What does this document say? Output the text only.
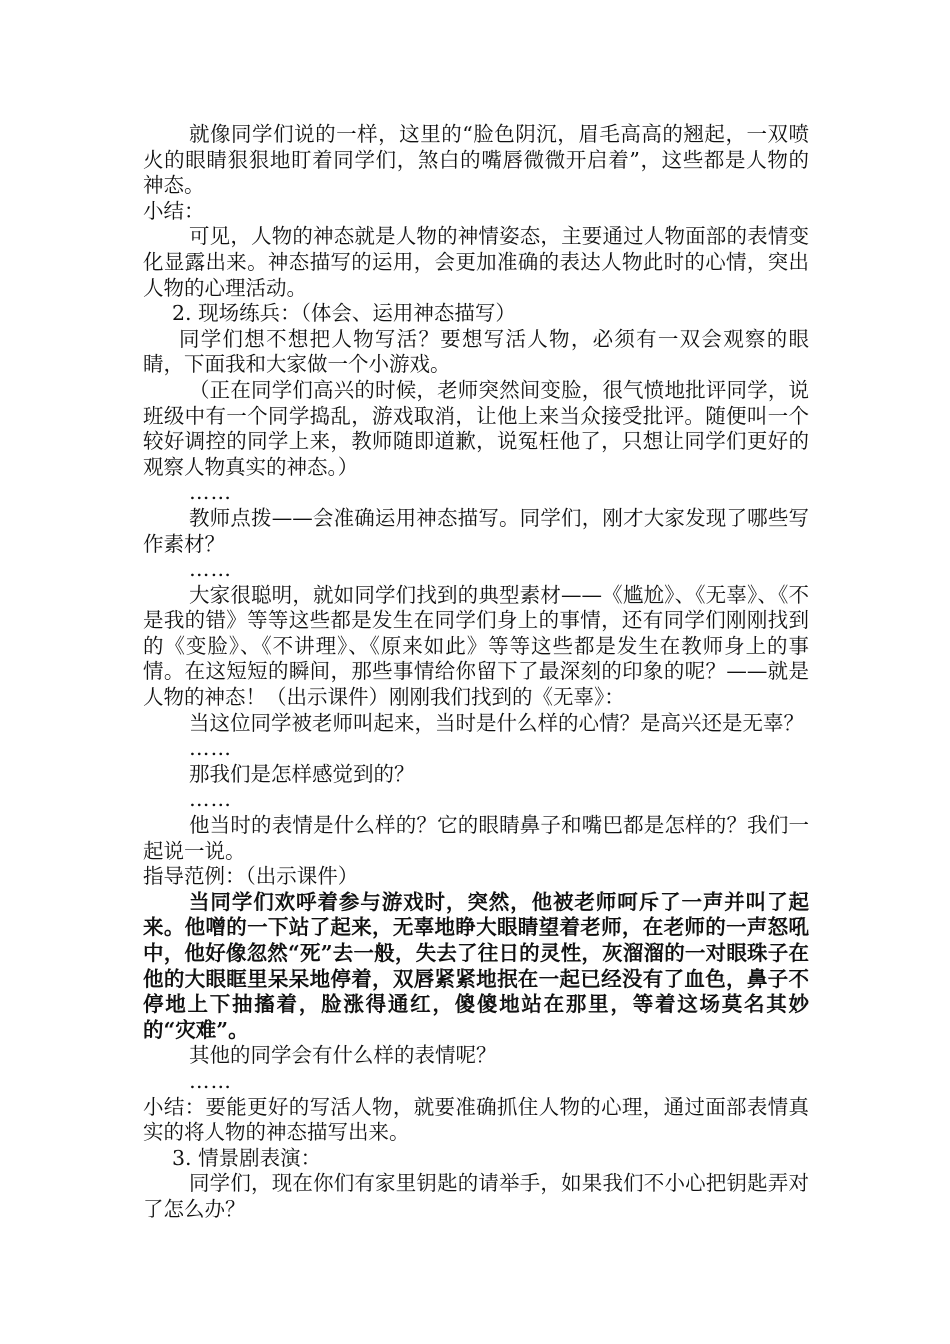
就像同学们说的一样，这里的“脸色阴沉，眉毛高高的翘起，一双喷火的眼睛狠狠地盯着同学们，煞白的嘴唇微微开启着”，这些都是人物的神态。

小结：

可见，人物的神态就是人物的神情姿态，主要通过人物面部的表情变化显露出来。神态描写的运用，会更加准确的表达人物此时的心情，突出人物的心理活动。

2. 现场练兵：（体会、运用神态描写）

同学们想不想把人物写活？要想写活人物，必须有一双会观察的眼睛，下面我和大家做一个小游戏。

（正在同学们高兴的时候，老师突然间变脸，很气愤地批评同学，说班级中有一个同学捣乱，游戏取消，让他上来当众接受批评。随便叫一个较好调控的同学上来，教师随即道歉，说冤枉他了，只想让同学们更好的观察人物真实的神态。）

……

教师点拨——会准确运用神态描写。同学们，刚才大家发现了哪些写作素材？

……

大家很聪明，就如同学们找到的典型素材——《尴尬》、《无辜》、《不是我的错》等等这些都是发生在同学们身上的事情，还有同学们刚刚找到的《变脸》、《不讲理》、《原来如此》等等这些都是发生在教师身上的事情。在这短短的瞬间，那些事情给你留下了最深刻的印象的呢？——就是人物的神态！（出示课件）刚刚我们找到的《无辜》：

当这位同学被老师叫起来，当时是什么样的心情？是高兴还是无辜？

……

那我们是怎样感觉到的？

……

他当时的表情是什么样的？它的眼睛鼻子和嘴巴都是怎样的？我们一起说一说。

指导范例：（出示课件）

当同学们欢呼着参与游戏时，突然，他被老师呵斥了一声并叫了起来。他噌的一下站了起来，无辜地睁大眼睛望着老师，在老师的一声怒吼中，他好像忽然“死”去一般，失去了往日的灵性，灰溜溜的一对眼珠子在他的大眼眶里呆呆地停着，双唇紧紧地抿在一起已经没有了血色，鼻子不停地上下抽搐着，脸涨得通红，傻傻地站在那里，等着这场莫名其妙的“灾难”。

其他的同学会有什么样的表情呢？

……

小结：要能更好的写活人物，就要准确抓住人物的心理，通过面部表情真实的将人物的神态描写出来。

3. 情景剧表演：

同学们，现在你们有家里钥匙的请举手，如果我们不小心把钥匙弄对了怎么办？
